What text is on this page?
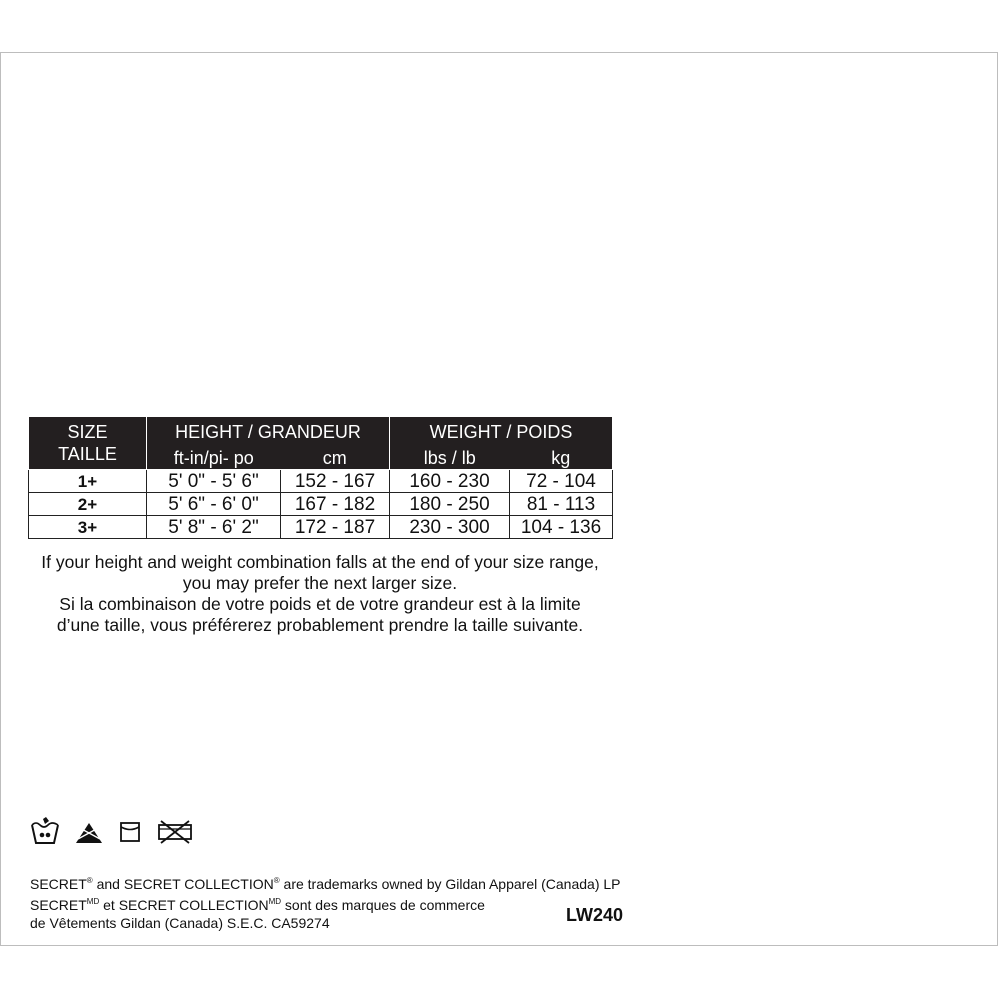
SIZE
TAILLE	HEIGHT / GRANDEUR		WEIGHT / POIDS	
	ft-in/pi- po	cm	lbs / lb	kg
1+	5' 0" - 5' 6"	152 - 167	160 - 230	72 - 104
2+	5' 6" - 6' 0"	167 - 182	180 - 250	81 - 113
3+	5' 8" - 6' 2"	172 - 187	230 - 300	104 - 136
If your height and weight combination falls at the end of your size range,
you may prefer the next larger size.
Si la combinaison de votre poids et de votre grandeur est à la limite
d’une taille, vous préférerez probablement prendre la taille suivante.
SECRET® and SECRET COLLECTION® are trademarks owned by Gildan Apparel (Canada) LP
$SECRET^{MD}$ et SECRET $COLLECTION^{MD}$ sont des marques de commerce
de Vêtements Gildan (Canada) S.E.C. CA59274	LW240
